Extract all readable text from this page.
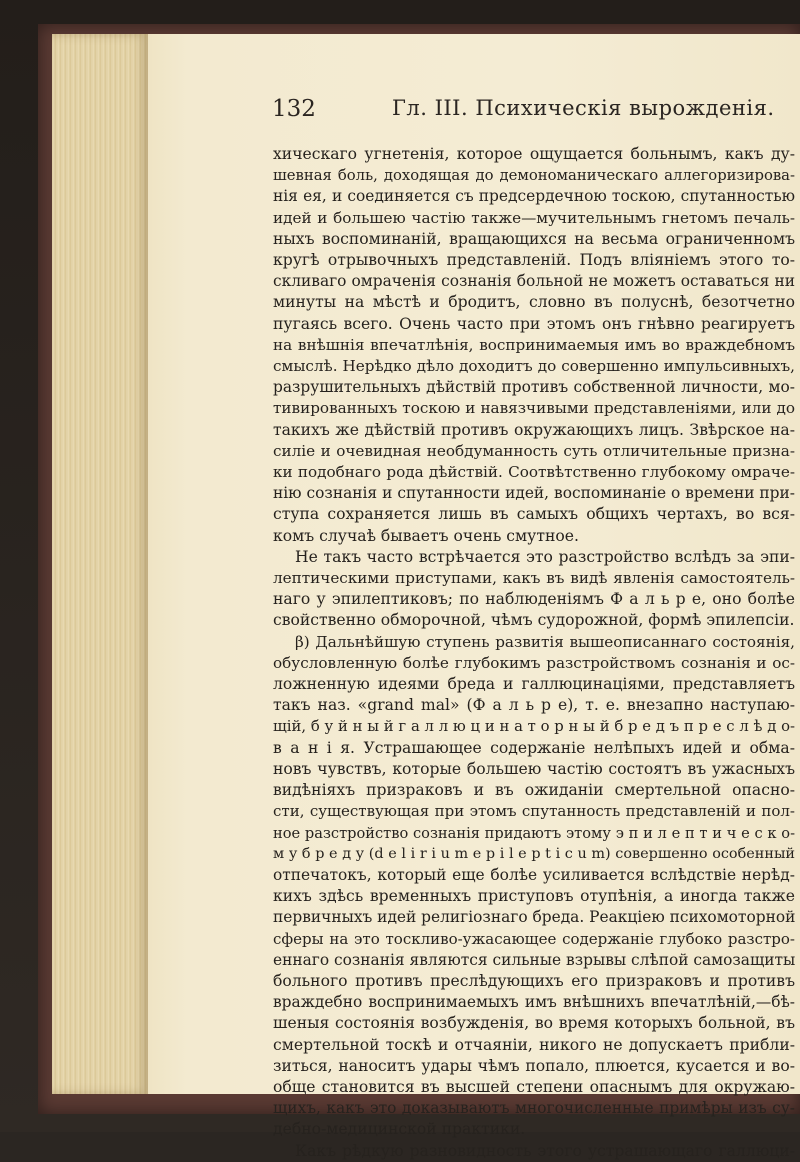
132	Гл. III. Психическія вырожденія.
хическаго угнетенія, которое ощущается больнымъ, какъ ду-
шевная боль, доходящая до демономаническаго аллегоризирова-
нія ея, и соединяется съ предсердечною тоскою, спутанностью
идей и большею частію также—мучительнымъ гнетомъ печаль-
ныхъ воспоминаній, вращающихся на весьма ограниченномъ
кругѣ отрывочныхъ представленій. Подъ вліяніемъ этого то-
скливаго омраченія сознанія больной не можетъ оставаться ни
минуты на мѣстѣ и бродитъ, словно въ полуснѣ, безотчетно
пугаясь всего. Очень часто при этомъ онъ гнѣвно реагируетъ
на внѣшнія впечатлѣнія, воспринимаемыя имъ во враждебномъ
смыслѣ. Нерѣдко дѣло доходитъ до совершенно импульсивныхъ,
разрушительныхъ дѣйствій противъ собственной личности, мо-
тивированныхъ тоскою и навязчивыми представленіями, или до
такихъ же дѣйствій противъ окружающихъ лицъ. Звѣрское на-
силіе и очевидная необдуманность суть отличительные призна-
ки подобнаго рода дѣйствій. Соотвѣтственно глубокому омраче-
нію сознанія и спутанности идей, воспоминаніе о времени при-
ступа сохраняется лишь въ самыхъ общихъ чертахъ, во вся-
комъ случаѣ бываетъ очень смутное.
Не такъ часто встрѣчается это разстройство вслѣдъ за эпи-
лептическими приступами, какъ въ видѣ явленія самостоятель-
наго у эпилептиковъ; по наблюденіямъ Ф а л ь р е, оно болѣе
свойственно обморочной, чѣмъ судорожной, формѣ эпилепсіи.
β) Дальнѣйшую ступень развитія вышеописаннаго состоянія,
обусловленную болѣе глубокимъ разстройствомъ сознанія и ос-
ложненную идеями бреда и галлюцинаціями, представляетъ
такъ наз. «grand mal» (Ф а л ь р е), т. е. внезапно наступаю-
щій, б у й н ы й г а л л ю ц и н а т о р н ы й б р е д ъ п р е с л ѣ д о-
в а н і я. Устрашающее содержаніе нелѣпыхъ идей и обма-
новъ чувствъ, которые большею частію состоятъ въ ужасныхъ
видѣніяхъ призраковъ и въ ожиданіи смертельной опасно-
сти, существующая при этомъ спутанность представленій и пол-
ное разстройство сознанія придаютъ этому э п и л е п т и ч е с к о-
м у б р е д у (d e l i r i u m e p i l e p t i c u m) совершенно особенный
отпечатокъ, который еще болѣе усиливается вслѣдствіе нерѣд-
кихъ здѣсь временныхъ приступовъ отупѣнія, а иногда также
первичныхъ идей религіознаго бреда. Реакціею психомоторной
сферы на это тоскливо-ужасающее содержаніе глубоко разстро-
еннаго сознанія являются сильные взрывы слѣпой самозащиты
больного противъ преслѣдующихъ его призраковъ и противъ
враждебно воспринимаемыхъ имъ внѣшнихъ впечатлѣній,—бѣ-
шеныя состоянія возбужденія, во время которыхъ больной, въ
смертельной тоскѣ и отчаяніи, никого не допускаетъ прибли-
зиться, наноситъ удары чѣмъ попало, плюется, кусается и во-
обще становится въ высшей степени опаснымъ для окружаю-
щихъ, какъ это доказываютъ многочисленные примѣры изъ су-
дебно-медицинской практики.
Какъ рѣдкую разновидность этого устрашающаго галлюци-
